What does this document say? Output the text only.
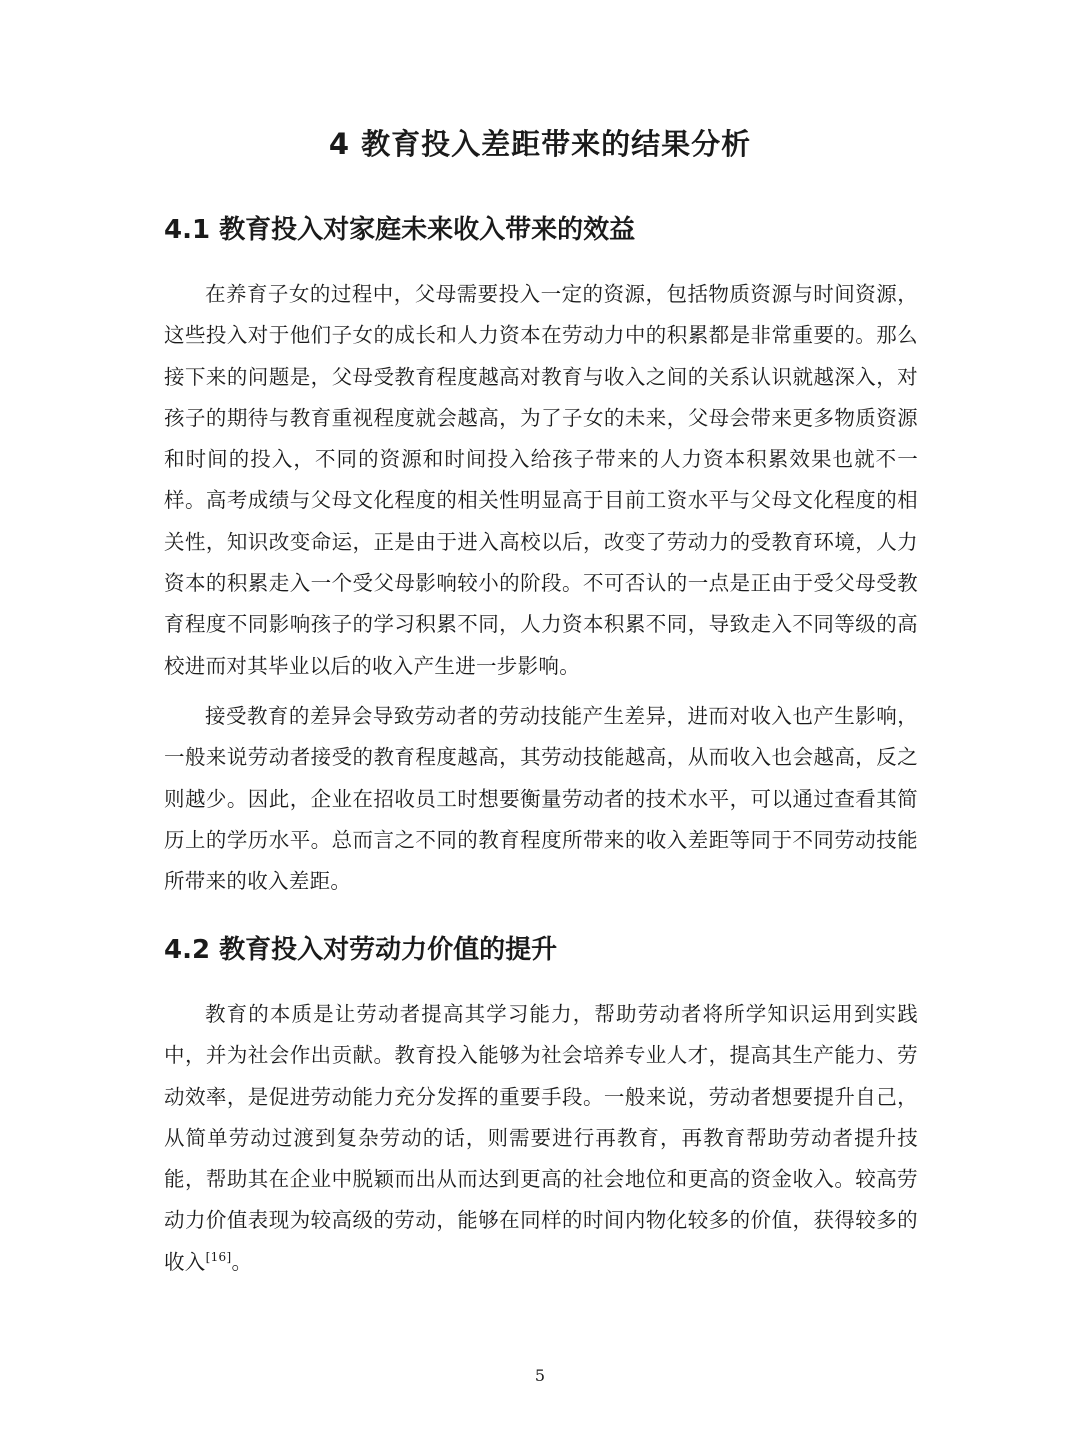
4 教育投入差距带来的结果分析
4.1 教育投入对家庭未来收入带来的效益

在养育子女的过程中，父母需要投入一定的资源，包括物质资源与时间资源，这些投入对于他们子女的成长和人力资本在劳动力中的积累都是非常重要的。那么接下来的问题是，父母受教育程度越高对教育与收入之间的关系认识就越深入，对孩子的期待与教育重视程度就会越高，为了子女的未来，父母会带来更多物质资源和时间的投入，不同的资源和时间投入给孩子带来的人力资本积累效果也就不一样。高考成绩与父母文化程度的相关性明显高于目前工资水平与父母文化程度的相关性，知识改变命运，正是由于进入高校以后，改变了劳动力的受教育环境，人力资本的积累走入一个受父母影响较小的阶段。不可否认的一点是正由于受父母受教育程度不同影响孩子的学习积累不同，人力资本积累不同，导致走入不同等级的高校进而对其毕业以后的收入产生进一步影响。

接受教育的差异会导致劳动者的劳动技能产生差异，进而对收入也产生影响，一般来说劳动者接受的教育程度越高，其劳动技能越高，从而收入也会越高，反之则越少。因此，企业在招收员工时想要衡量劳动者的技术水平，可以通过查看其简历上的学历水平。总而言之不同的教育程度所带来的收入差距等同于不同劳动技能所带来的收入差距。

4.2 教育投入对劳动力价值的提升

教育的本质是让劳动者提高其学习能力，帮助劳动者将所学知识运用到实践中，并为社会作出贡献。教育投入能够为社会培养专业人才，提高其生产能力、劳动效率，是促进劳动能力充分发挥的重要手段。一般来说，劳动者想要提升自己，从简单劳动过渡到复杂劳动的话，则需要进行再教育，再教育帮助劳动者提升技能，帮助其在企业中脱颖而出从而达到更高的社会地位和更高的资金收入。较高劳动力价值表现为较高级的劳动，能够在同样的时间内物化较多的价值，获得较多的收入[16]。

5
